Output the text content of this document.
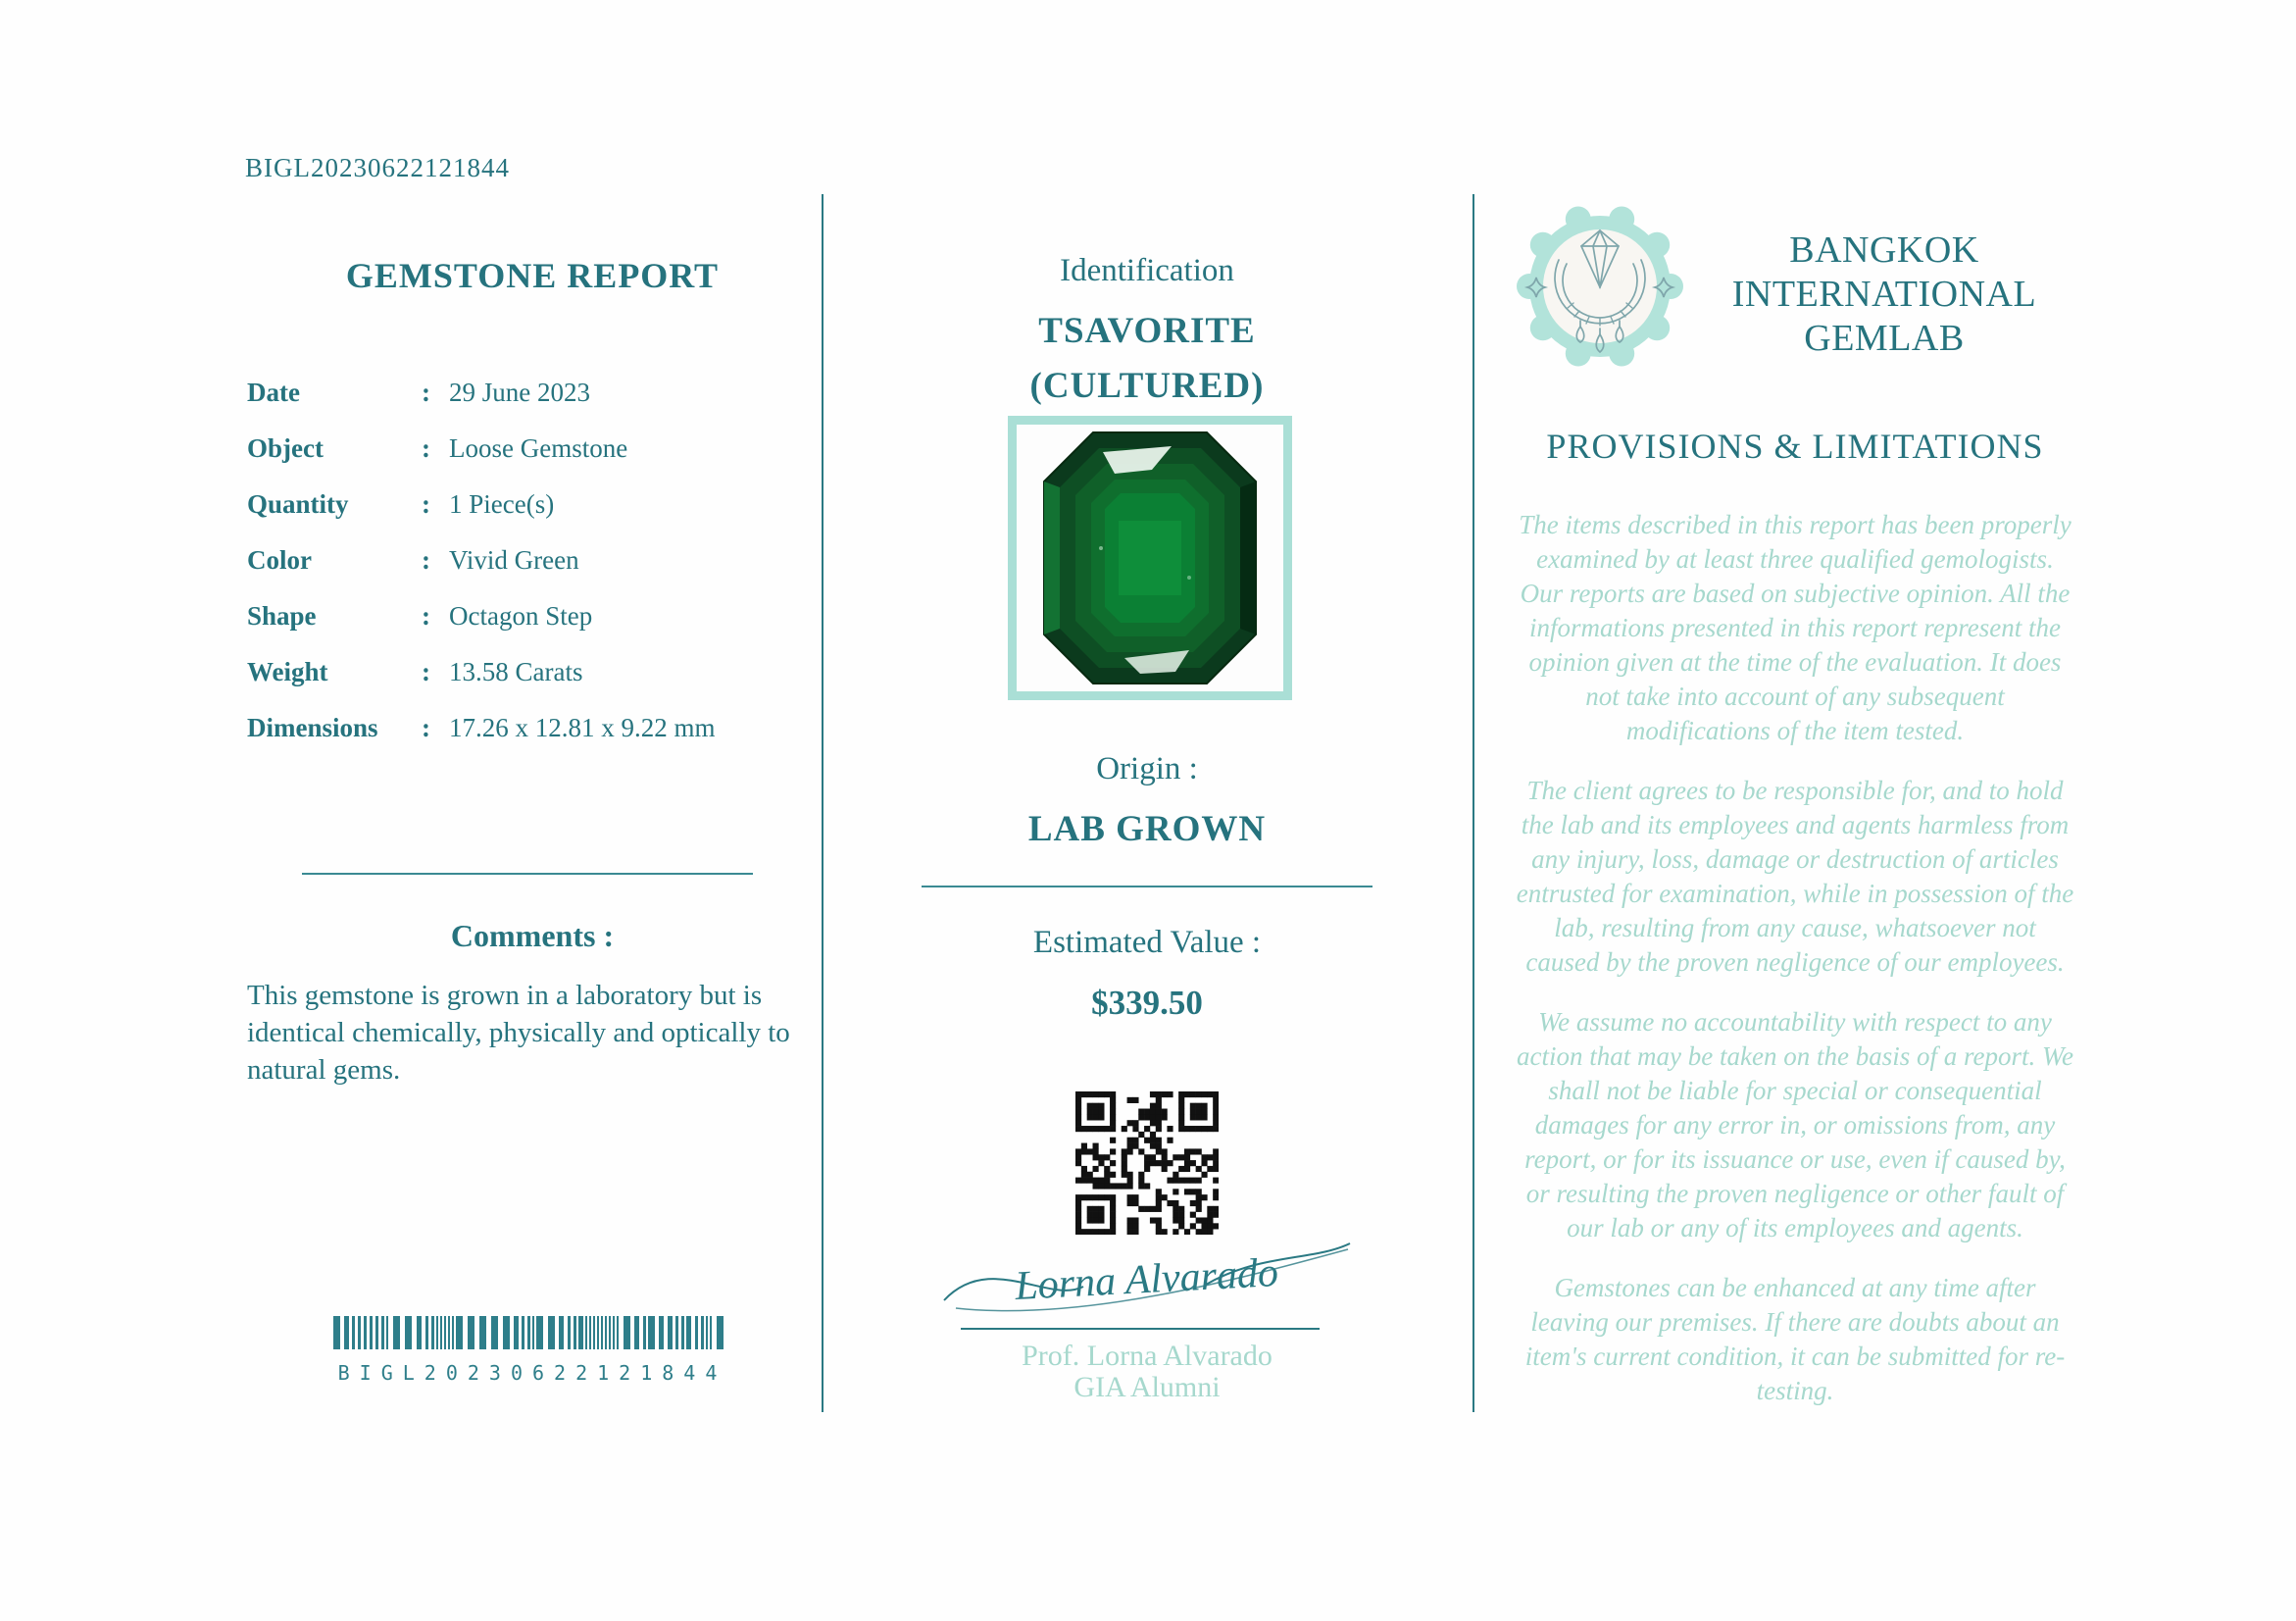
BIGL20230622121844
GEMSTONE REPORT
Date	: 29 June 2023
Object	: Loose Gemstone
Quantity	: 1 Piece(s)
Color	: Vivid Green
Shape	: Octagon Step
Weight	: 13.58 Carats
Dimensions	: 17.26 x 12.81 x 9.22 mm
Comments :

This gemstone is grown in a laboratory but is identical chemically, physically and optically to natural gems.

BIGL20230622121844
Identification
TSAVORITE
(CULTURED)
Origin :
LAB GROWN
Estimated Value :
$339.50
Lorna Alvarado
Prof. Lorna Alvarado
GIA Alumni
BANGKOK
INTERNATIONAL
GEMLAB
PROVISIONS & LIMITATIONS

The items described in this report has been properly examined by at least three qualified gemologists. Our reports are based on subjective opinion. All the informations presented in this report represent the opinion given at the time of the evaluation. It does not take into account of any subsequent modifications of the item tested.

The client agrees to be responsible for, and to hold the lab and its employees and agents harmless from any injury, loss, damage or destruction of articles entrusted for examination, while in possession of the lab, resulting from any cause, whatsoever not caused by the proven negligence of our employees.

We assume no accountability with respect to any action that may be taken on the basis of a report. We shall not be liable for special or consequential damages for any error in, or omissions from, any report, or for its issuance or use, even if caused by, or resulting the proven negligence or other fault of our lab or any of its employees and agents.

Gemstones can be enhanced at any time after leaving our premises. If there are doubts about an item's current condition, it can be submitted for re-testing.
